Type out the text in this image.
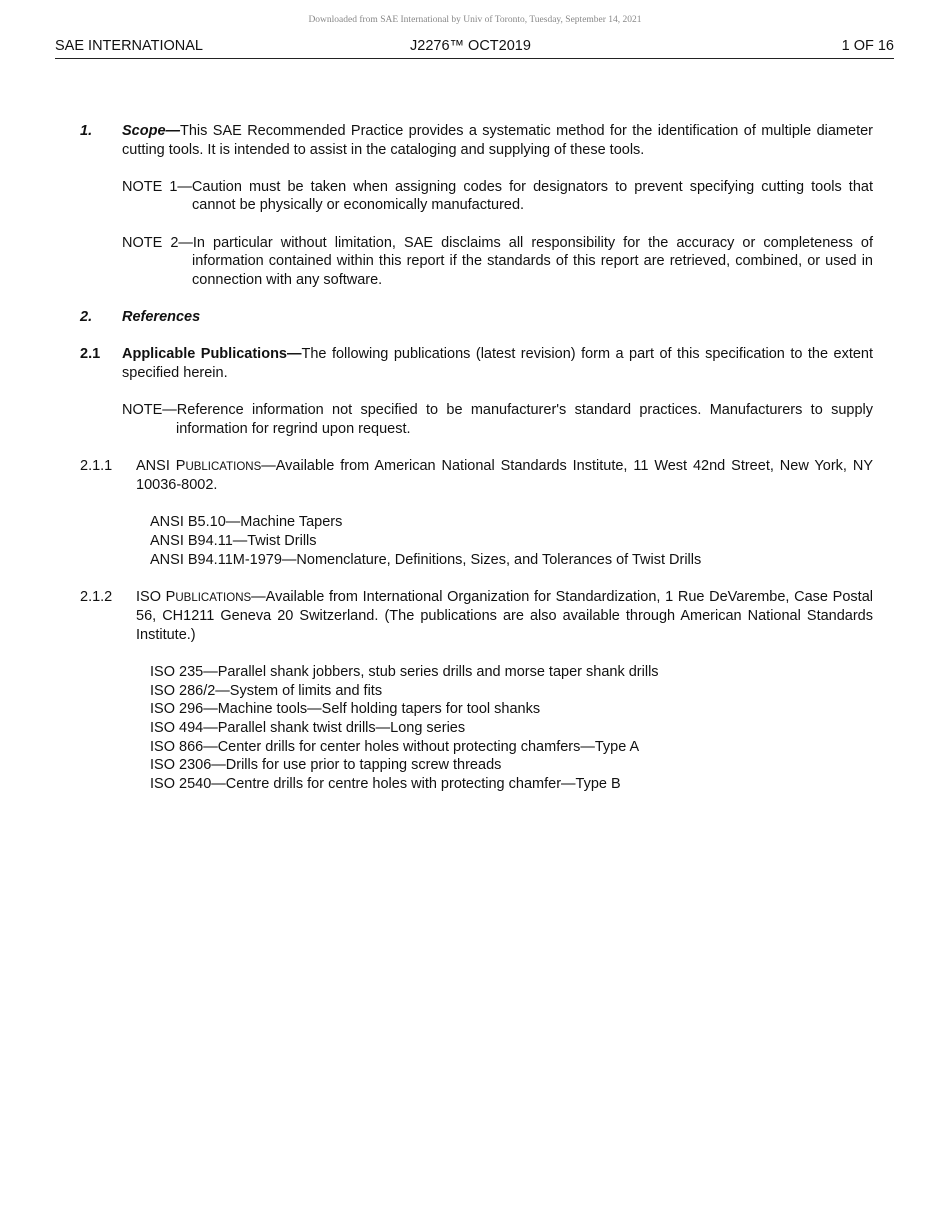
Downloaded from SAE International by Univ of Toronto, Tuesday, September 14, 2021
SAE INTERNATIONAL	J2276™ OCT2019	1 OF 16
1.	Scope—This SAE Recommended Practice provides a systematic method for the identification of multiple diameter cutting tools. It is intended to assist in the cataloging and supplying of these tools.
NOTE 1—Caution must be taken when assigning codes for designators to prevent specifying cutting tools that cannot be physically or economically manufactured.
NOTE 2—In particular without limitation, SAE disclaims all responsibility for the accuracy or completeness of information contained within this report if the standards of this report are retrieved, combined, or used in connection with any software.
2.	References
2.1	Applicable Publications—The following publications (latest revision) form a part of this specification to the extent specified herein.
NOTE—Reference information not specified to be manufacturer's standard practices. Manufacturers to supply information for regrind upon request.
2.1.1	ANSI PUBLICATIONS—Available from American National Standards Institute, 11 West 42nd Street, New York, NY 10036-8002.
ANSI B5.10—Machine Tapers
ANSI B94.11—Twist Drills
ANSI B94.11M-1979—Nomenclature, Definitions, Sizes, and Tolerances of Twist Drills
2.1.2	ISO PUBLICATIONS—Available from International Organization for Standardization, 1 Rue DeVarembe, Case Postal 56, CH1211 Geneva 20 Switzerland. (The publications are also available through American National Standards Institute.)
ISO 235—Parallel shank jobbers, stub series drills and morse taper shank drills
ISO 286/2—System of limits and fits
ISO 296—Machine tools—Self holding tapers for tool shanks
ISO 494—Parallel shank twist drills—Long series
ISO 866—Center drills for center holes without protecting chamfers—Type A
ISO 2306—Drills for use prior to tapping screw threads
ISO 2540—Centre drills for centre holes with protecting chamfer—Type B
